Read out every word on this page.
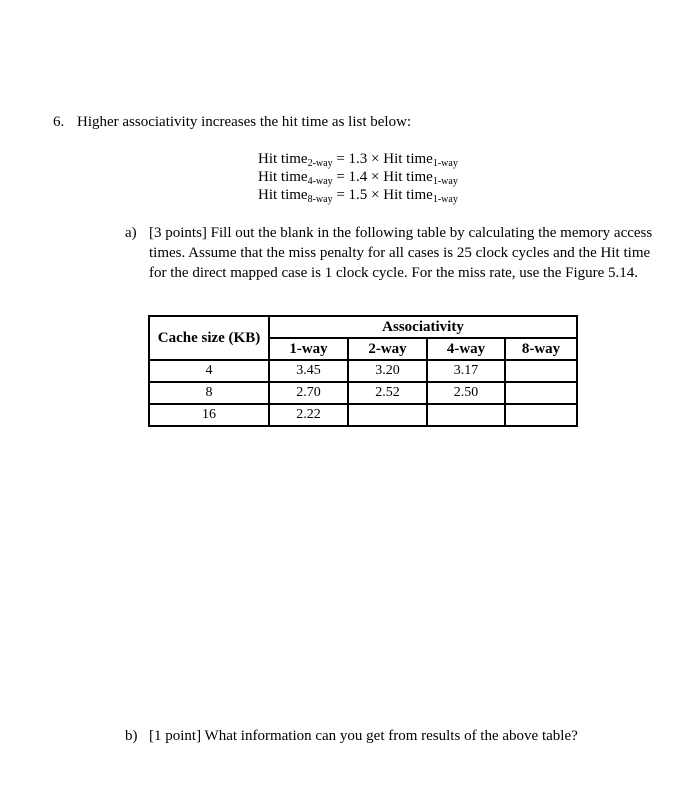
6. Higher associativity increases the hit time as list below:
Hit time$_{2-way}$ = 1.3 × Hit time$_{1-way}$
Hit time$_{4-way}$ = 1.4 × Hit time$_{1-way}$
Hit time$_{8-way}$ = 1.5 × Hit time$_{1-way}$
a) [3 points] Fill out the blank in the following table by calculating the memory access
times. Assume that the miss penalty for all cases is 25 clock cycles and the Hit time
for the direct mapped case is 1 clock cycle. For the miss rate, use the Figure 5.14.
Cache size (KB)	Associativity			
	1-way	2-way	4-way	8-way
4	3.45	3.20	3.17	
8	2.70	2.52	2.50	
16	2.22			
b) [1 point] What information can you get from results of the above table?
